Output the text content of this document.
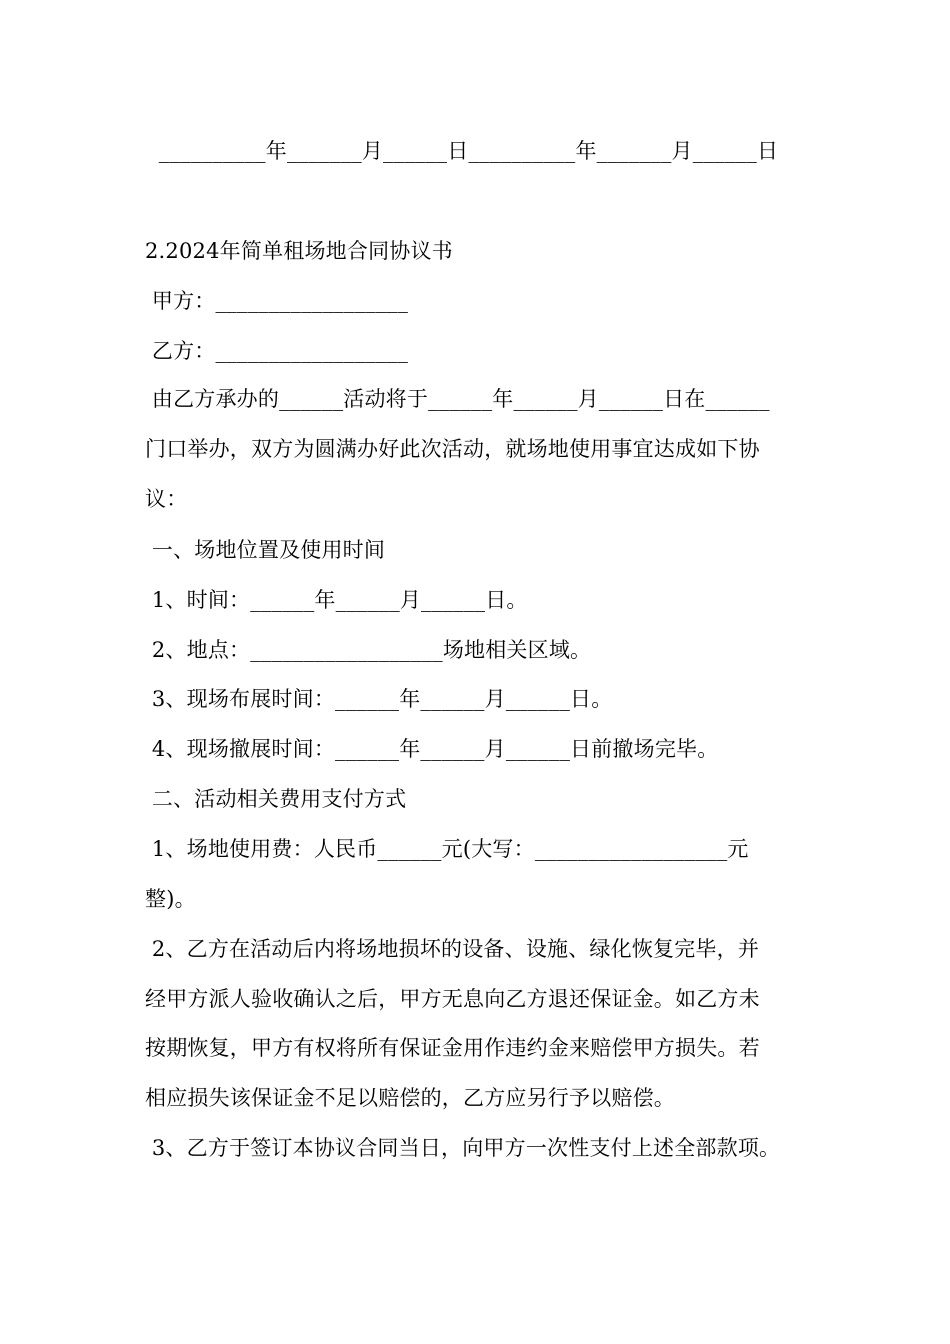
__________年_______月______日__________年_______月______日
2.2024年简单租场地合同协议书
甲方：__________________
乙方：__________________
由乙方承办的______活动将于______年______月______日在______
门口举办，双方为圆满办好此次活动，就场地使用事宜达成如下协
议：
一、场地位置及使用时间
1、时间：______年______月______日。
2、地点：__________________场地相关区域。
3、现场布展时间：______年______月______日。
4、现场撤展时间：______年______月______日前撤场完毕。
二、活动相关费用支付方式
1、场地使用费：人民币______元(大写：__________________元
整)。
2、乙方在活动后内将场地损坏的设备、设施、绿化恢复完毕，并
经甲方派人验收确认之后，甲方无息向乙方退还保证金。如乙方未
按期恢复，甲方有权将所有保证金用作违约金来赔偿甲方损失。若
相应损失该保证金不足以赔偿的，乙方应另行予以赔偿。
3、乙方于签订本协议合同当日，向甲方一次性支付上述全部款项。
